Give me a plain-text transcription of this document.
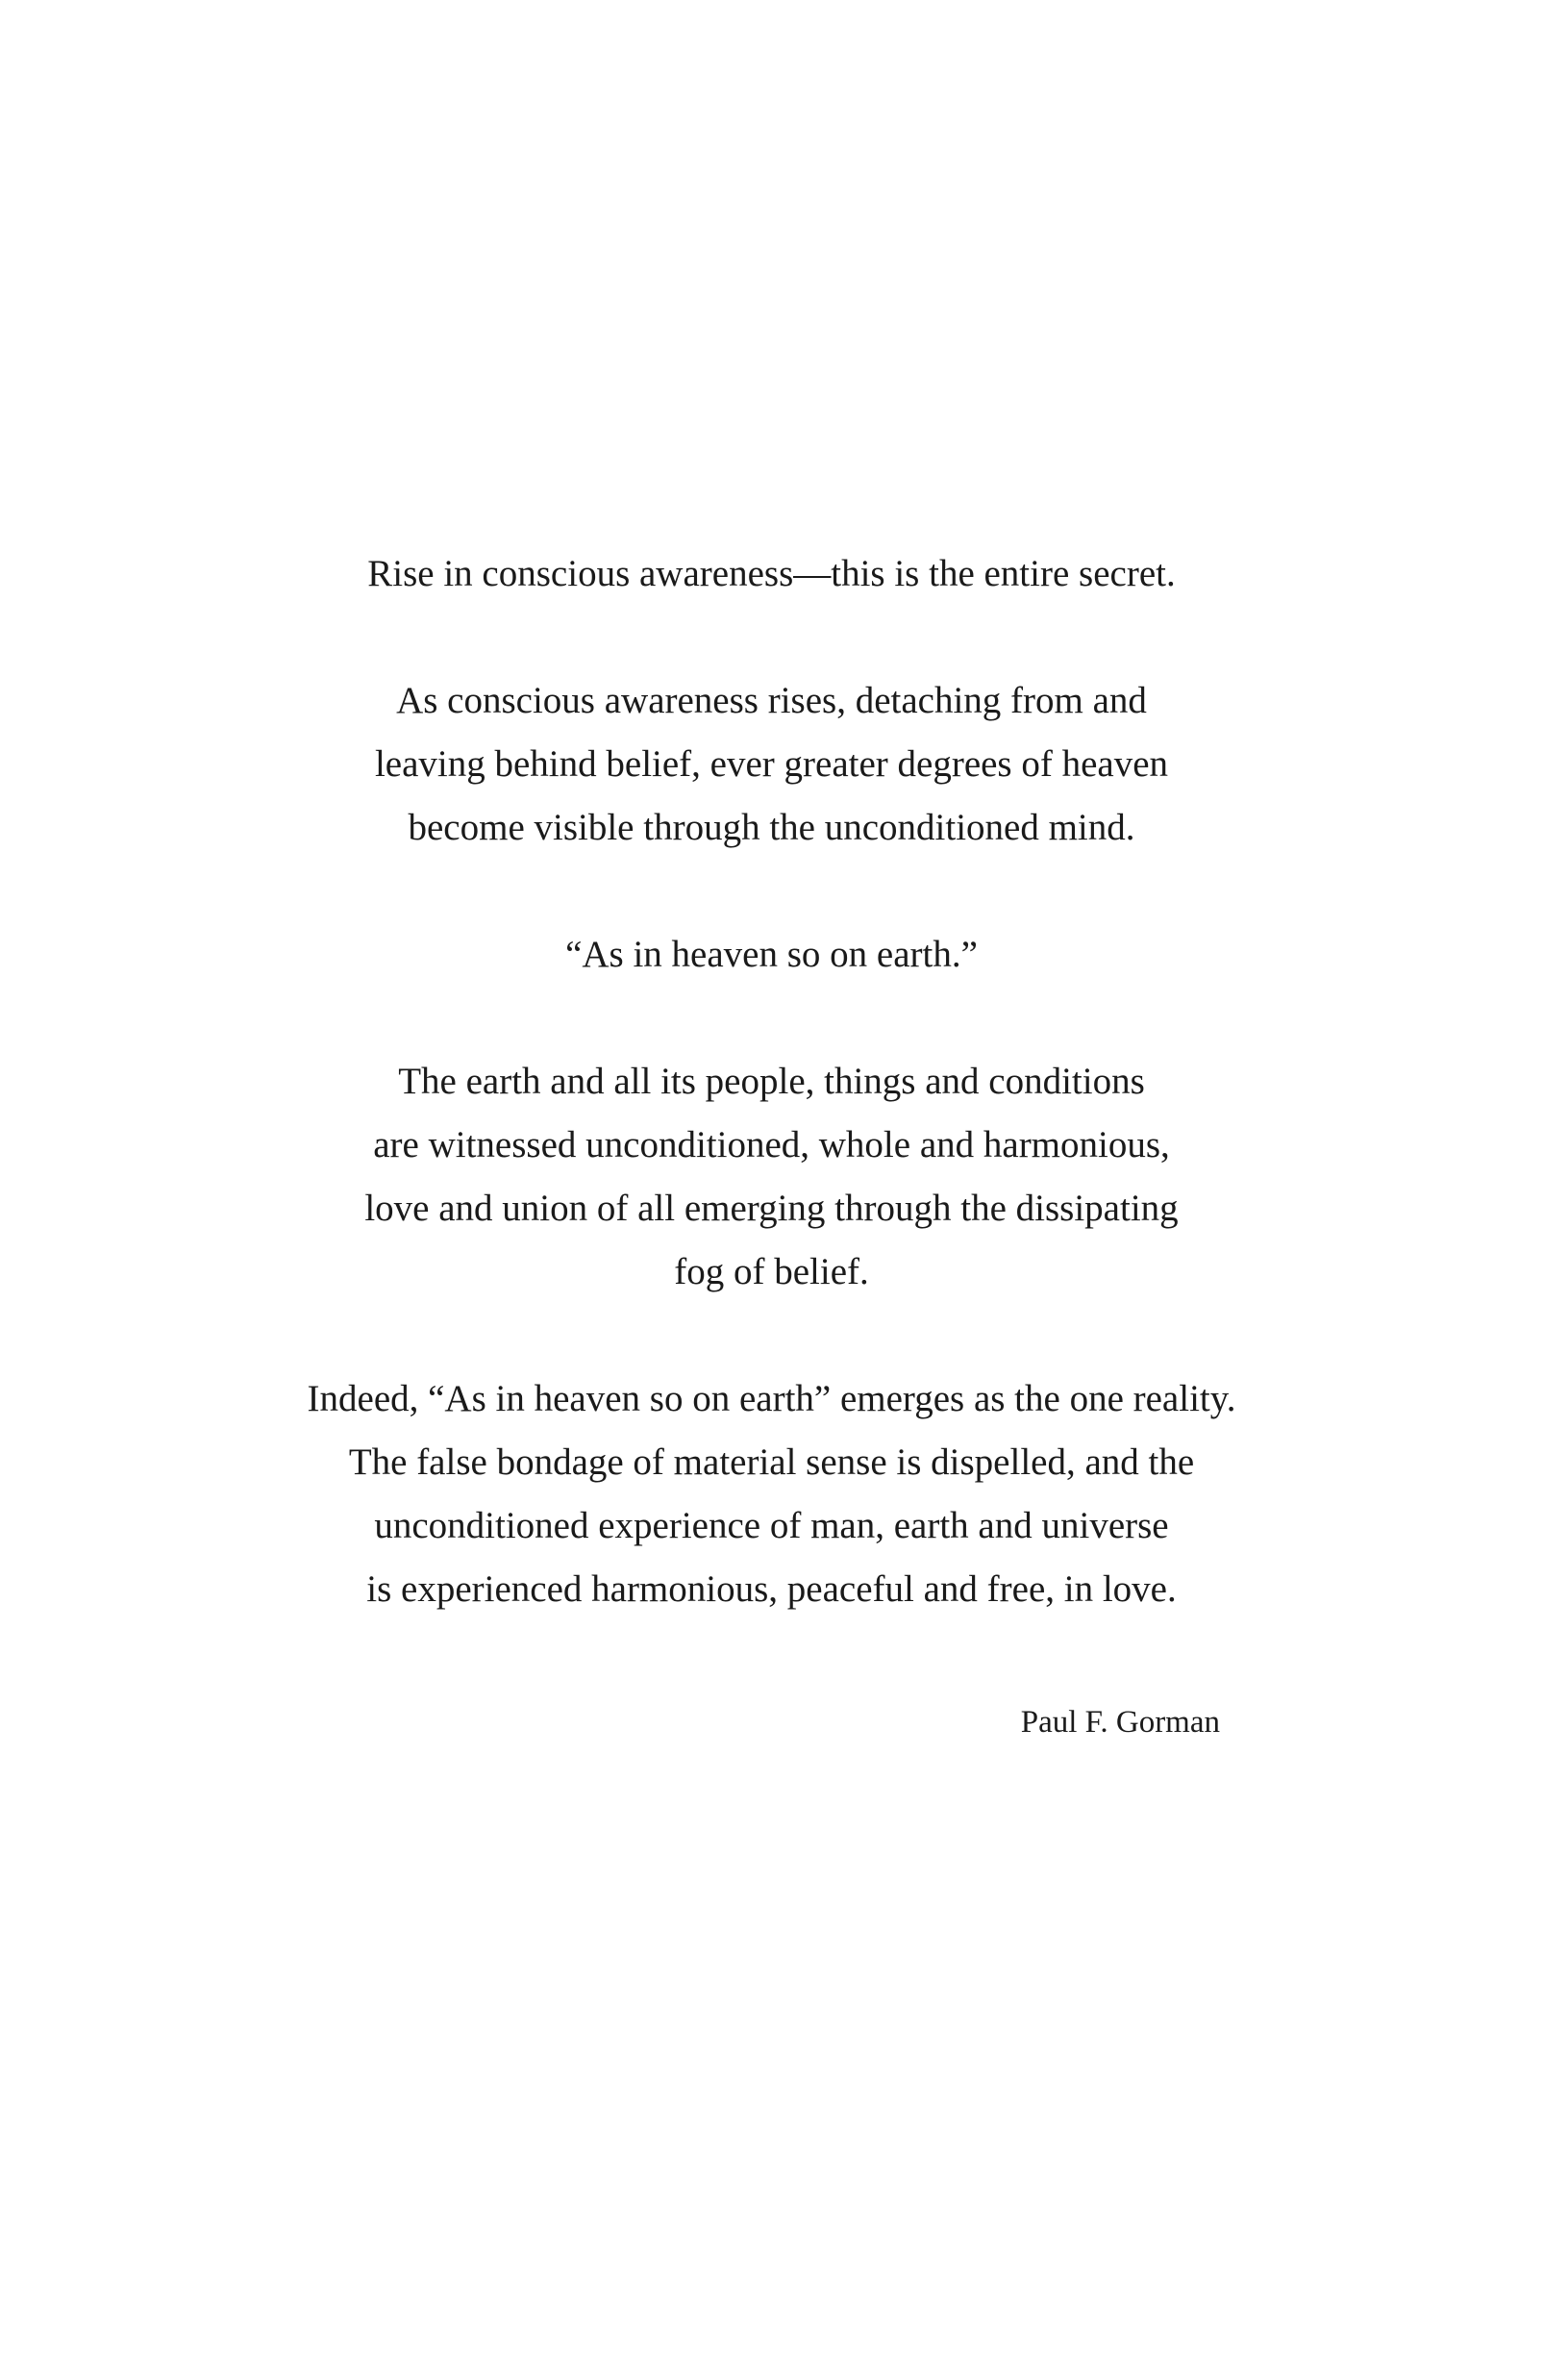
Rise in conscious awareness—this is the entire secret.
As conscious awareness rises, detaching from and
leaving behind belief, ever greater degrees of heaven
become visible through the unconditioned mind.
“As in heaven so on earth.”
The earth and all its people, things and conditions
are witnessed unconditioned, whole and harmonious,
love and union of all emerging through the dissipating
fog of belief.
Indeed, “As in heaven so on earth” emerges as the one reality.
The false bondage of material sense is dispelled, and the
unconditioned experience of man, earth and universe
is experienced harmonious, peaceful and free, in love.
Paul F. Gorman
